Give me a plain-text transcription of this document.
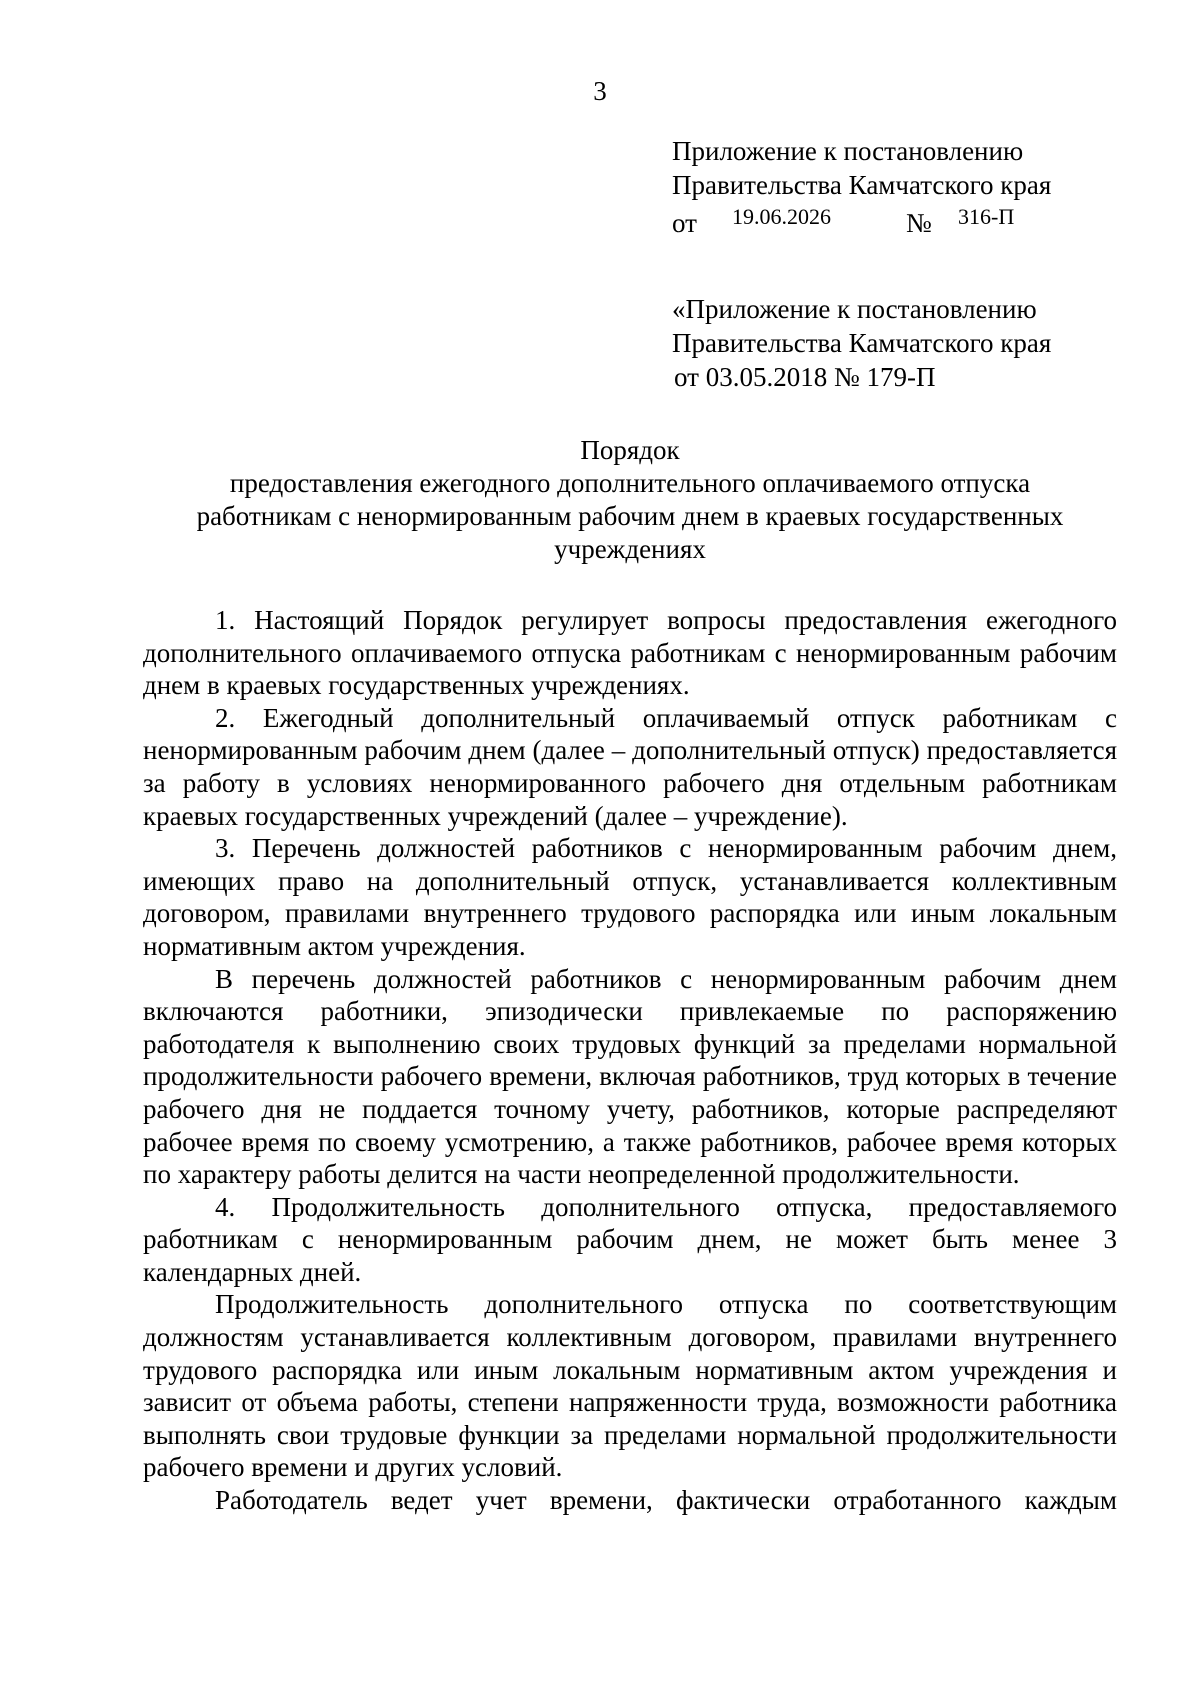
3
Приложение к постановлению
Правительства Камчатского края
от 19.06.2026	№ 316-П
«Приложение к постановлению
Правительства Камчатского края
от 03.05.2018 № 179-П
Порядок
предоставления ежегодного дополнительного оплачиваемого отпуска
работникам с ненормированным рабочим днем в краевых государственных
учреждениях

1. Настоящий Порядок регулирует вопросы предоставления ежегодного дополнительного оплачиваемого отпуска работникам с ненормированным рабочим днем в краевых государственных учреждениях.

2. Ежегодный дополнительный оплачиваемый отпуск работникам с ненормированным рабочим днем (далее – дополнительный отпуск) предоставляется за работу в условиях ненормированного рабочего дня отдельным работникам краевых государственных учреждений (далее – учреждение).

3. Перечень должностей работников с ненормированным рабочим днем, имеющих право на дополнительный отпуск, устанавливается коллективным договором, правилами внутреннего трудового распорядка или иным локальным нормативным актом учреждения.

В перечень должностей работников с ненормированным рабочим днем включаются работники, эпизодически привлекаемые по распоряжению работодателя к выполнению своих трудовых функций за пределами нормальной продолжительности рабочего времени, включая работников, труд которых в течение рабочего дня не поддается точному учету, работников, которые распределяют рабочее время по своему усмотрению, а также работников, рабочее время которых по характеру работы делится на части неопределенной продолжительности.

4. Продолжительность дополнительного отпуска, предоставляемого работникам с ненормированным рабочим днем, не может быть менее 3 календарных дней.

Продолжительность дополнительного отпуска по соответствующим должностям устанавливается коллективным договором, правилами внутреннего трудового распорядка или иным локальным нормативным актом учреждения и зависит от объема работы, степени напряженности труда, возможности работника выполнять свои трудовые функции за пределами нормальной продолжительности рабочего времени и других условий.

Работодатель ведет учет времени, фактически отработанного каждым
